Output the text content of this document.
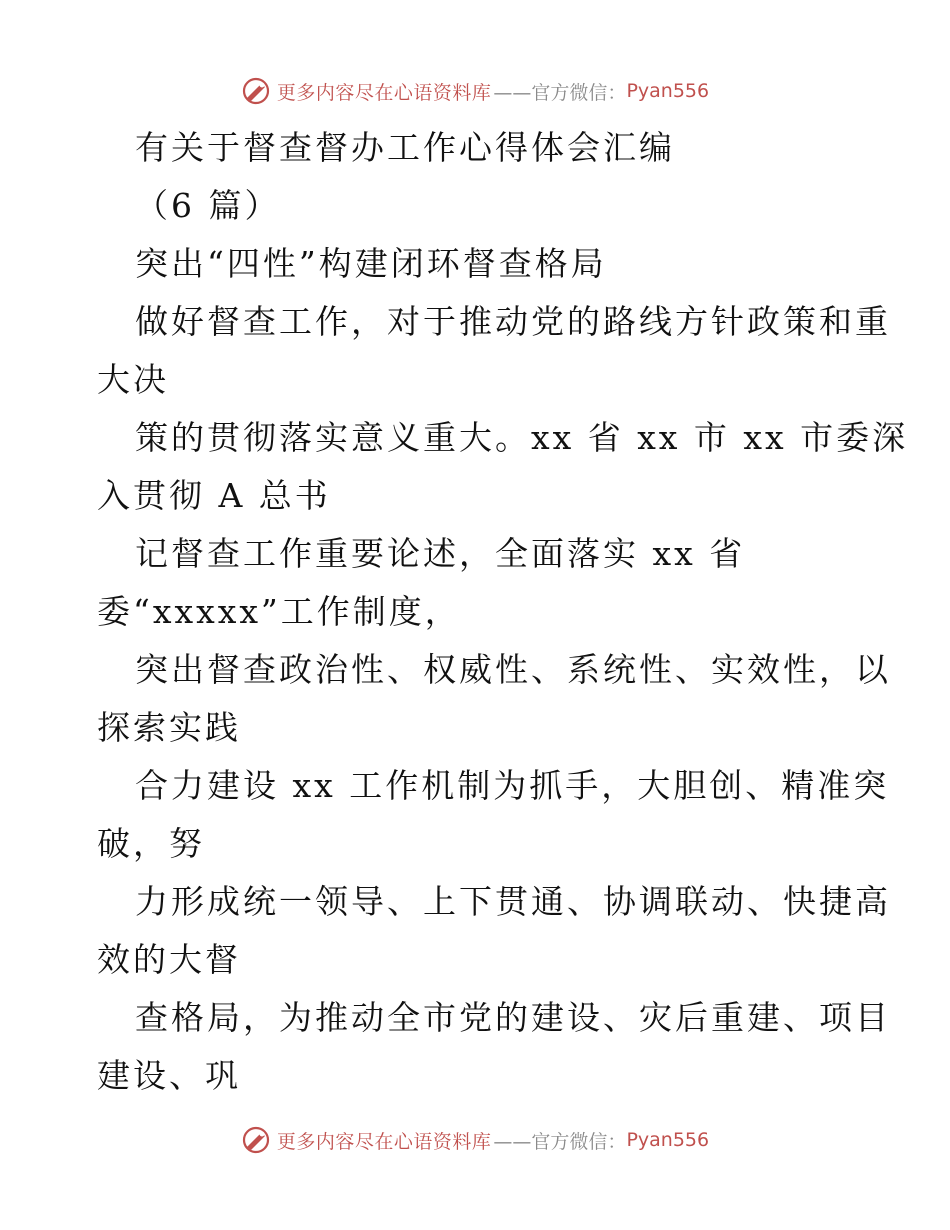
更多内容尽在心语资料库 ——官方微信： Pyan556
有关于督查督办工作心得体会汇编
（6 篇）
突出“四性”构建闭环督查格局
做好督查工作，对于推动党的路线方针政策和重
大决
策的贯彻落实意义重大。xx 省 xx 市 xx 市委深
入贯彻 A 总书
记督查工作重要论述，全面落实 xx 省
委“xxxxx”工作制度，
突出督查政治性、权威性、系统性、实效性，以
探索实践
合力建设 xx 工作机制为抓手，大胆创、精准突
破，努
力形成统一领导、上下贯通、协调联动、快捷高
效的大督
查格局，为推动全市党的建设、灾后重建、项目
建设、巩
更多内容尽在心语资料库 ——官方微信： Pyan556
